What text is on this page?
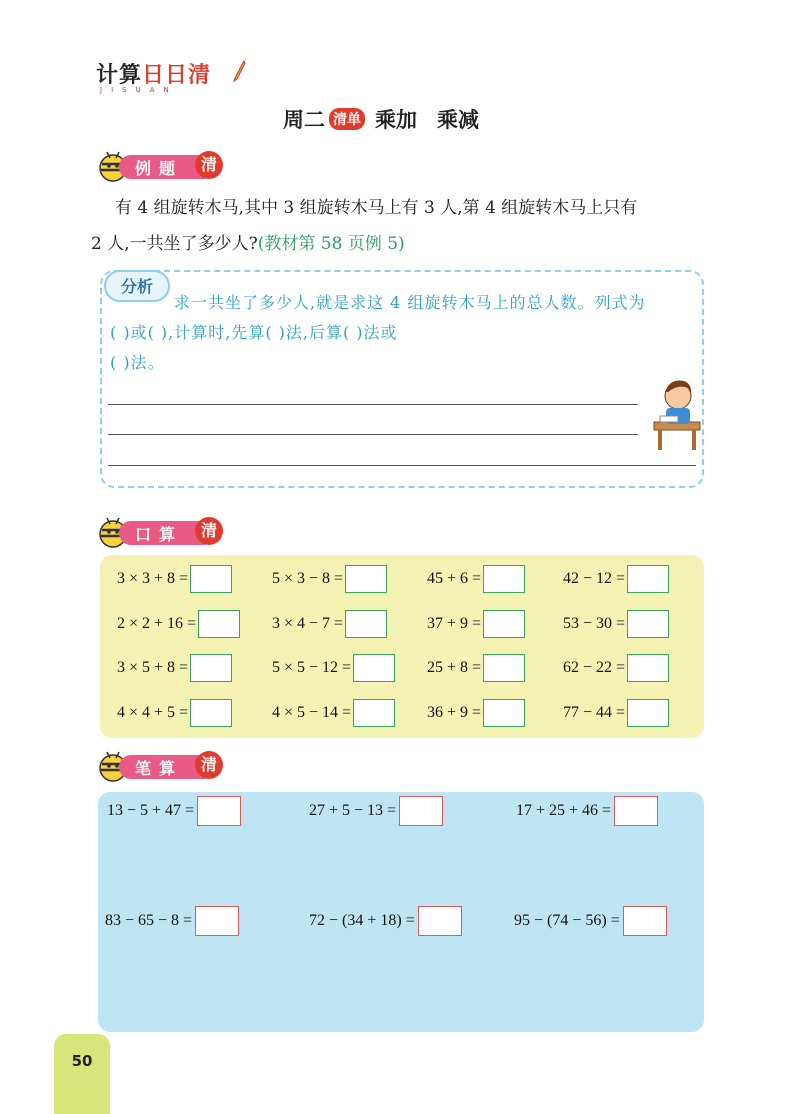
计算日日清
JISUAN
周二 清单 乘加 乘减
例题	清
有 4 组旋转木马,其中 3 组旋转木马上有 3 人,第 4 组旋转木马上只有
2 人,一共坐了多少人?(教材第 58 页例 5)
分析
求一共坐了多少人,就是求这 4 组旋转木马上的总人数。列式为
( )或( ),计算时,先算( )法,后算( )法或
( )法。
口算	清
3 × 3 + 8 =	5 × 3 − 8 =	45 + 6 =	42 − 12 =
2 × 2 + 16 =	3 × 4 − 7 =	37 + 9 =	53 − 30 =
3 × 5 + 8 =	5 × 5 − 12 =	25 + 8 =	62 − 22 =
4 × 4 + 5 =	4 × 5 − 14 =	36 + 9 =	77 − 44 =
笔算	清
13 − 5 + 47 =	27 + 5 − 13 =	17 + 25 + 46 =
83 − 65 − 8 =	72 − (34 + 18) =	95 − (74 − 56) =
50
